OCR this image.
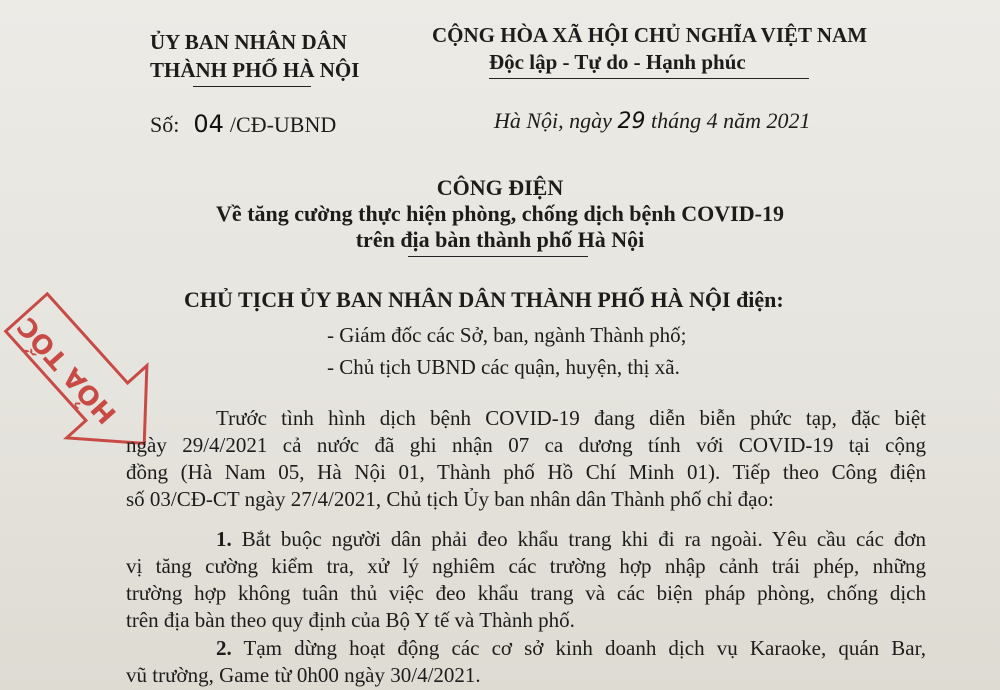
ỦY BAN NHÂN DÂN
THÀNH PHỐ HÀ NỘI
CỘNG HÒA XÃ HỘI CHỦ NGHĨA VIỆT NAM
Độc lập - Tự do - Hạnh phúc
Số: 04 /CĐ-UBND	Hà Nội, ngày 29 tháng 4 năm 2021
CÔNG ĐIỆN
Về tăng cường thực hiện phòng, chống dịch bệnh COVID-19
trên địa bàn thành phố Hà Nội
HỎA TỐC
CHỦ TỊCH ỦY BAN NHÂN DÂN THÀNH PHỐ HÀ NỘI điện:
- Giám đốc các Sở, ban, ngành Thành phố;
- Chủ tịch UBND các quận, huyện, thị xã.
Trước tình hình dịch bệnh COVID-19 đang diễn biễn phức tạp, đặc biệt
ngày 29/4/2021 cả nước đã ghi nhận 07 ca dương tính với COVID-19 tại cộng
đồng (Hà Nam 05, Hà Nội 01, Thành phố Hồ Chí Minh 01). Tiếp theo Công điện
số 03/CĐ-CT ngày 27/4/2021, Chủ tịch Ủy ban nhân dân Thành phố chỉ đạo:
1. Bắt buộc người dân phải đeo khẩu trang khi đi ra ngoài. Yêu cầu các đơn
vị tăng cường kiểm tra, xử lý nghiêm các trường hợp nhập cảnh trái phép, những
trường hợp không tuân thủ việc đeo khẩu trang và các biện pháp phòng, chống dịch
trên địa bàn theo quy định của Bộ Y tế và Thành phố.
2. Tạm dừng hoạt động các cơ sở kinh doanh dịch vụ Karaoke, quán Bar,
vũ trường, Game từ 0h00 ngày 30/4/2021.
